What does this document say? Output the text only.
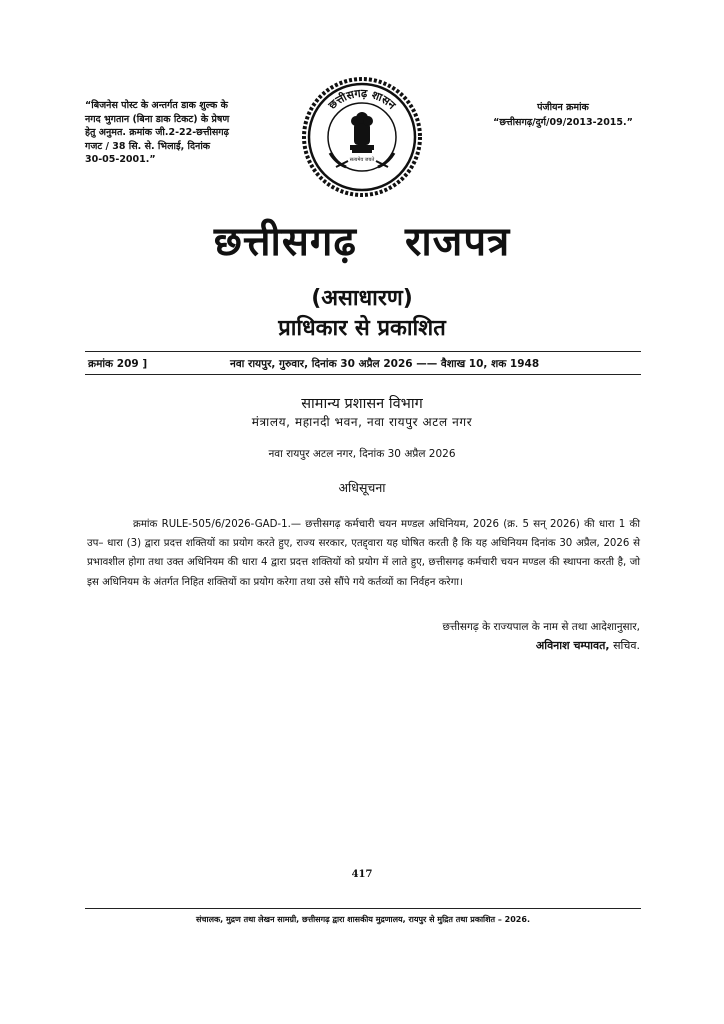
“बिजनेस पोस्ट के अन्तर्गत डाक शुल्क के
नगद भुगतान (बिना डाक टिकट) के प्रेषण
हेतु अनुमत. क्रमांक जी.2-22-छत्तीसगढ़
गजट / 38 सि. से. भिलाई, दिनांक
30-05-2001.”
पंजीयन क्रमांक
“छत्तीसगढ़/दुर्ग/09/2013-2015.”
छत्तीसगढ़ शासन
सत्यमेव जयते
छत्तीसगढ़ राजपत्र
(असाधारण)
प्राधिकार से प्रकाशित
क्रमांक 209 ]	नवा रायपुर, गुरुवार, दिनांक 30 अप्रैल 2026 —— वैशाख 10, शक 1948
सामान्य प्रशासन विभाग
मंत्रालय, महानदी भवन, नवा रायपुर अटल नगर
नवा रायपुर अटल नगर, दिनांक 30 अप्रैल 2026
अधिसूचना
क्रमांक RULE-505/6/2026-GAD-1.— छत्तीसगढ़ कर्मचारी चयन मण्डल अधिनियम, 2026 (क्र. 5 सन् 2026) की धारा 1 की उप– धारा (3) द्वारा प्रदत्त शक्तियों का प्रयोग करते हुए, राज्य सरकार, एतद्द्वारा यह घोषित करती है कि यह अधिनियम दिनांक 30 अप्रैल, 2026 से प्रभावशील होगा तथा उक्त अधिनियम की धारा 4 द्वारा प्रदत्त शक्तियों को प्रयोग में लाते हुए, छत्तीसगढ़ कर्मचारी चयन मण्डल की स्थापना करती है, जो इस अधिनियम के अंतर्गत निहित शक्तियों का प्रयोग करेगा तथा उसे सौंपे गये कर्तव्यों का निर्वहन करेगा।
छत्तीसगढ़ के राज्यपाल के नाम से तथा आदेशानुसार,
अविनाश चम्पावत, सचिव.
417
संचालक, मुद्रण तथा लेखन सामग्री, छत्तीसगढ़ द्वारा शासकीय मुद्रणालय, रायपुर से मुद्रित तथा प्रकाशित – 2026.
